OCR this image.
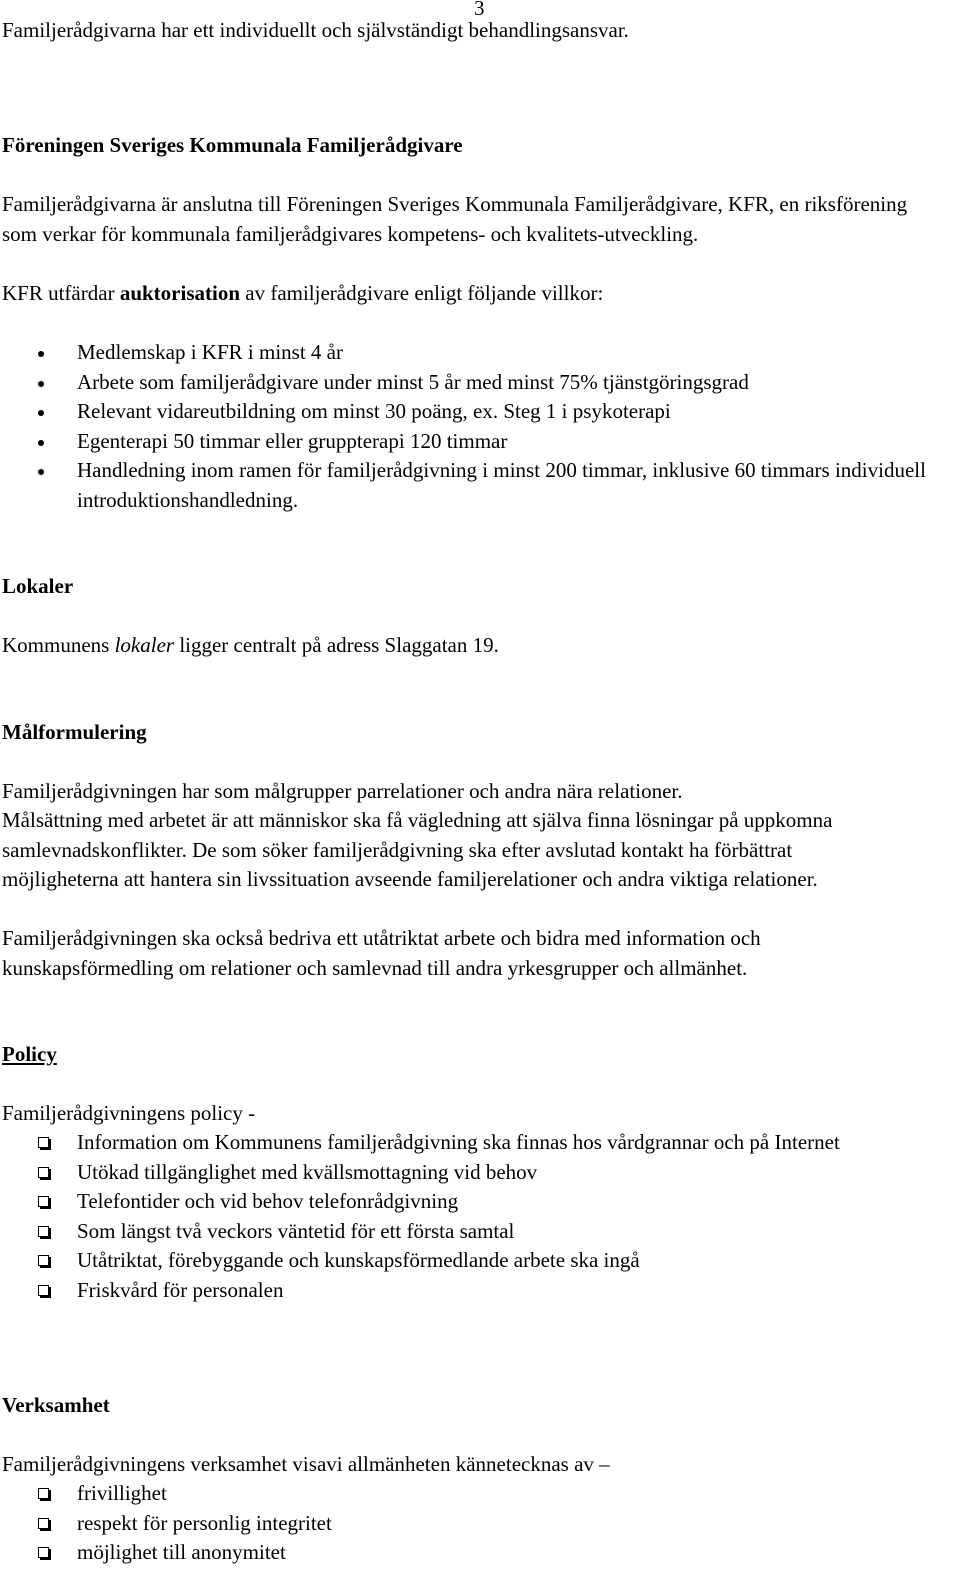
3

Familjerådgivarna har ett individuellt och självständigt behandlingsansvar.

Föreningen Sveriges Kommunala Familjerådgivare

Familjerådgivarna är anslutna till Föreningen Sveriges Kommunala Familjerådgivare, KFR, en riksförening som verkar för kommunala familjerådgivares kompetens- och kvalitets-utveckling.

KFR utfärdar auktorisation av familjerådgivare enligt följande villkor:

Medlemskap i KFR i minst 4 år
Arbete som familjerådgivare under minst 5 år med minst 75% tjänstgöringsgrad
Relevant vidareutbildning om minst 30 poäng, ex. Steg 1 i psykoterapi
Egenterapi 50 timmar eller gruppterapi 120 timmar
Handledning inom ramen för familjerådgivning i minst 200 timmar, inklusive 60 timmars individuell introduktionshandledning.
Lokaler

Kommunens lokaler ligger centralt på adress Slaggatan 19.

Målformulering

Familjerådgivningen har som målgrupper parrelationer och andra nära relationer.

Målsättning med arbetet är att människor ska få vägledning att själva finna lösningar på uppkomna samlevnadskonflikter. De som söker familjerådgivning ska efter avslutad kontakt ha förbättrat möjligheterna att hantera sin livssituation avseende familjerelationer och andra viktiga relationer.

Familjerådgivningen ska också bedriva ett utåtriktat arbete och bidra med information och kunskapsförmedling om relationer och samlevnad till andra yrkesgrupper och allmänhet.

Policy

Familjerådgivningens policy -

Information om Kommunens familjerådgivning ska finnas hos vårdgrannar och på Internet
Utökad tillgänglighet med kvällsmottagning vid behov
Telefontider och vid behov telefonrådgivning
Som längst två veckors väntetid för ett första samtal
Utåtriktat, förebyggande och kunskapsförmedlande arbete ska ingå
Friskvård för personalen
Verksamhet

Familjerådgivningens verksamhet visavi allmänheten kännetecknas av –

frivillighet
respekt för personlig integritet
möjlighet till anonymitet
